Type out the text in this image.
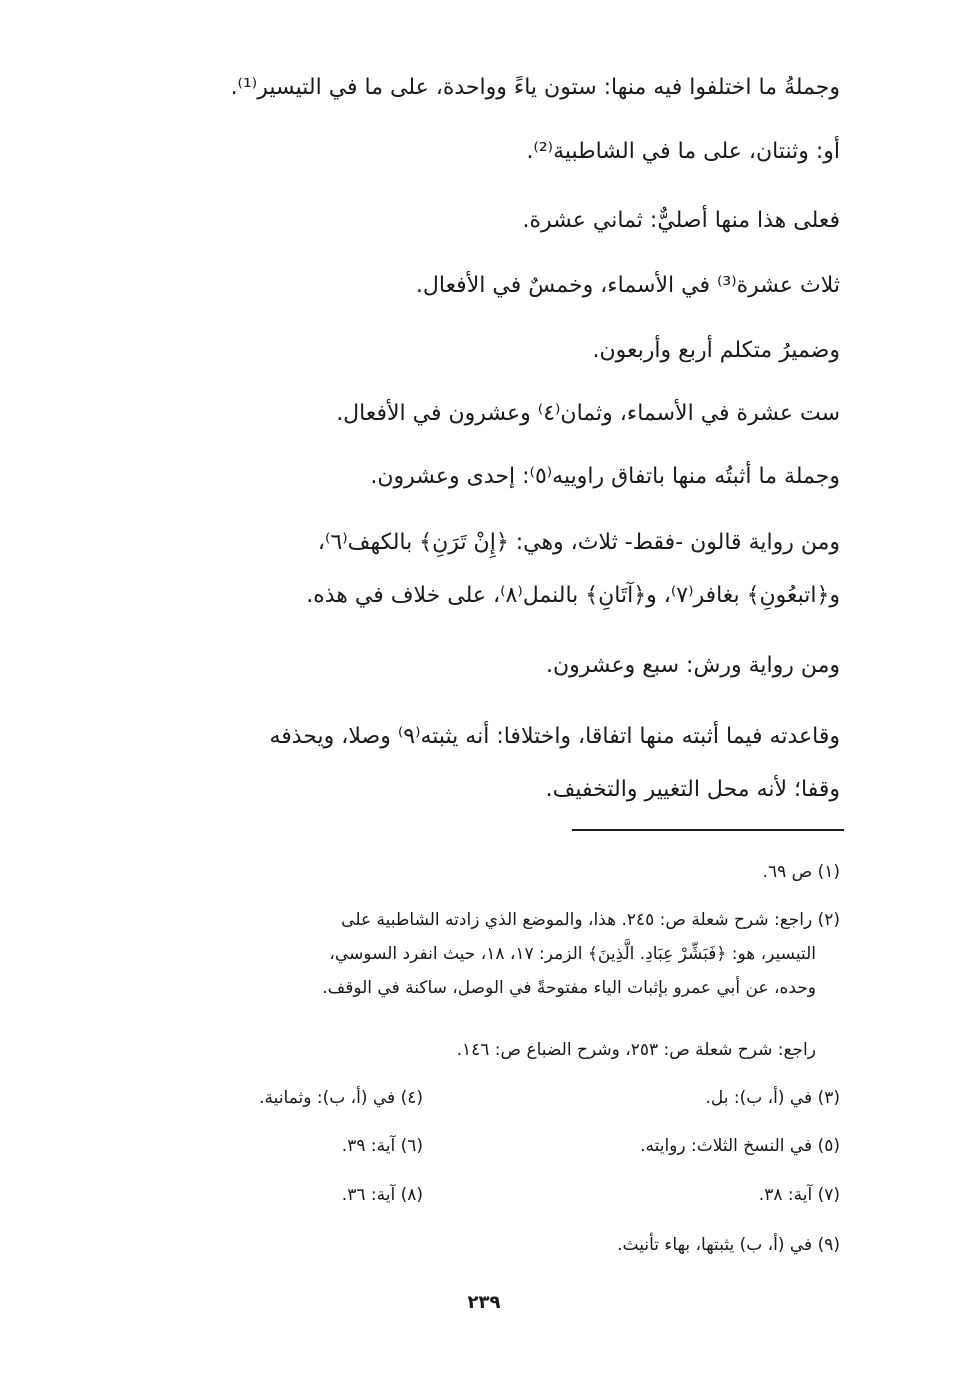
وجملةُ ما اختلفوا فيه منها: ستون ياءً وواحدة، على ما في التيسير⁽¹⁾.
أو: وثنتان، على ما في الشاطبية⁽²⁾.
فعلى هذا منها أصليٌّ: ثماني عشرة.
ثلاث عشرة⁽³⁾ في الأسماء، وخمسٌ في الأفعال.
وضميرُ متكلم أربع وأربعون.
ست عشرة في الأسماء، وثمان⁽٤⁾ وعشرون في الأفعال.
وجملة ما أثبتُه منها باتفاق راوييه⁽٥⁾: إحدى وعشرون.
ومن رواية قالون -فقط- ثلاث، وهي: ﴿إِنْ تَرَنِ﴾ بالكهف⁽٦⁾،
و﴿اتبعُونِ﴾ بغافر⁽٧⁾، و﴿آتَانِ﴾ بالنمل⁽٨⁾، على خلاف في هذه.
ومن رواية ورش: سبع وعشرون.
وقاعدته فيما أثبته منها اتفاقا، واختلافا: أنه يثبته⁽٩⁾ وصلا، ويحذفه
وقفا؛ لأنه محل التغيير والتخفيف.
(١) ص ٦٩.
(٢) راجع: شرح شعلة ص: ٢٤٥. هذا، والموضع الذي زادته الشاطبية على
التيسير، هو: ﴿فَبَشِّرْ عِبَادِ. الَّذِينَ﴾ الزمر: ١٧، ١٨، حيث انفرد السوسي،
وحده، عن أبي عمرو بإثبات الياء مفتوحةً في الوصل، ساكنة في الوقف.
راجع: شرح شعلة ص: ٢٥٣، وشرح الضباع ص: ١٤٦.
(٣) في (أ، ب): بل.
(٤) في (أ، ب): وثمانية.
(٥) في النسخ الثلاث: روايته.
(٦) آية: ٣٩.
(٧) آية: ٣٨.
(٨) آية: ٣٦.
(٩) في (أ، ب) يثبتها، بهاء تأنيث.
٢٣٩
